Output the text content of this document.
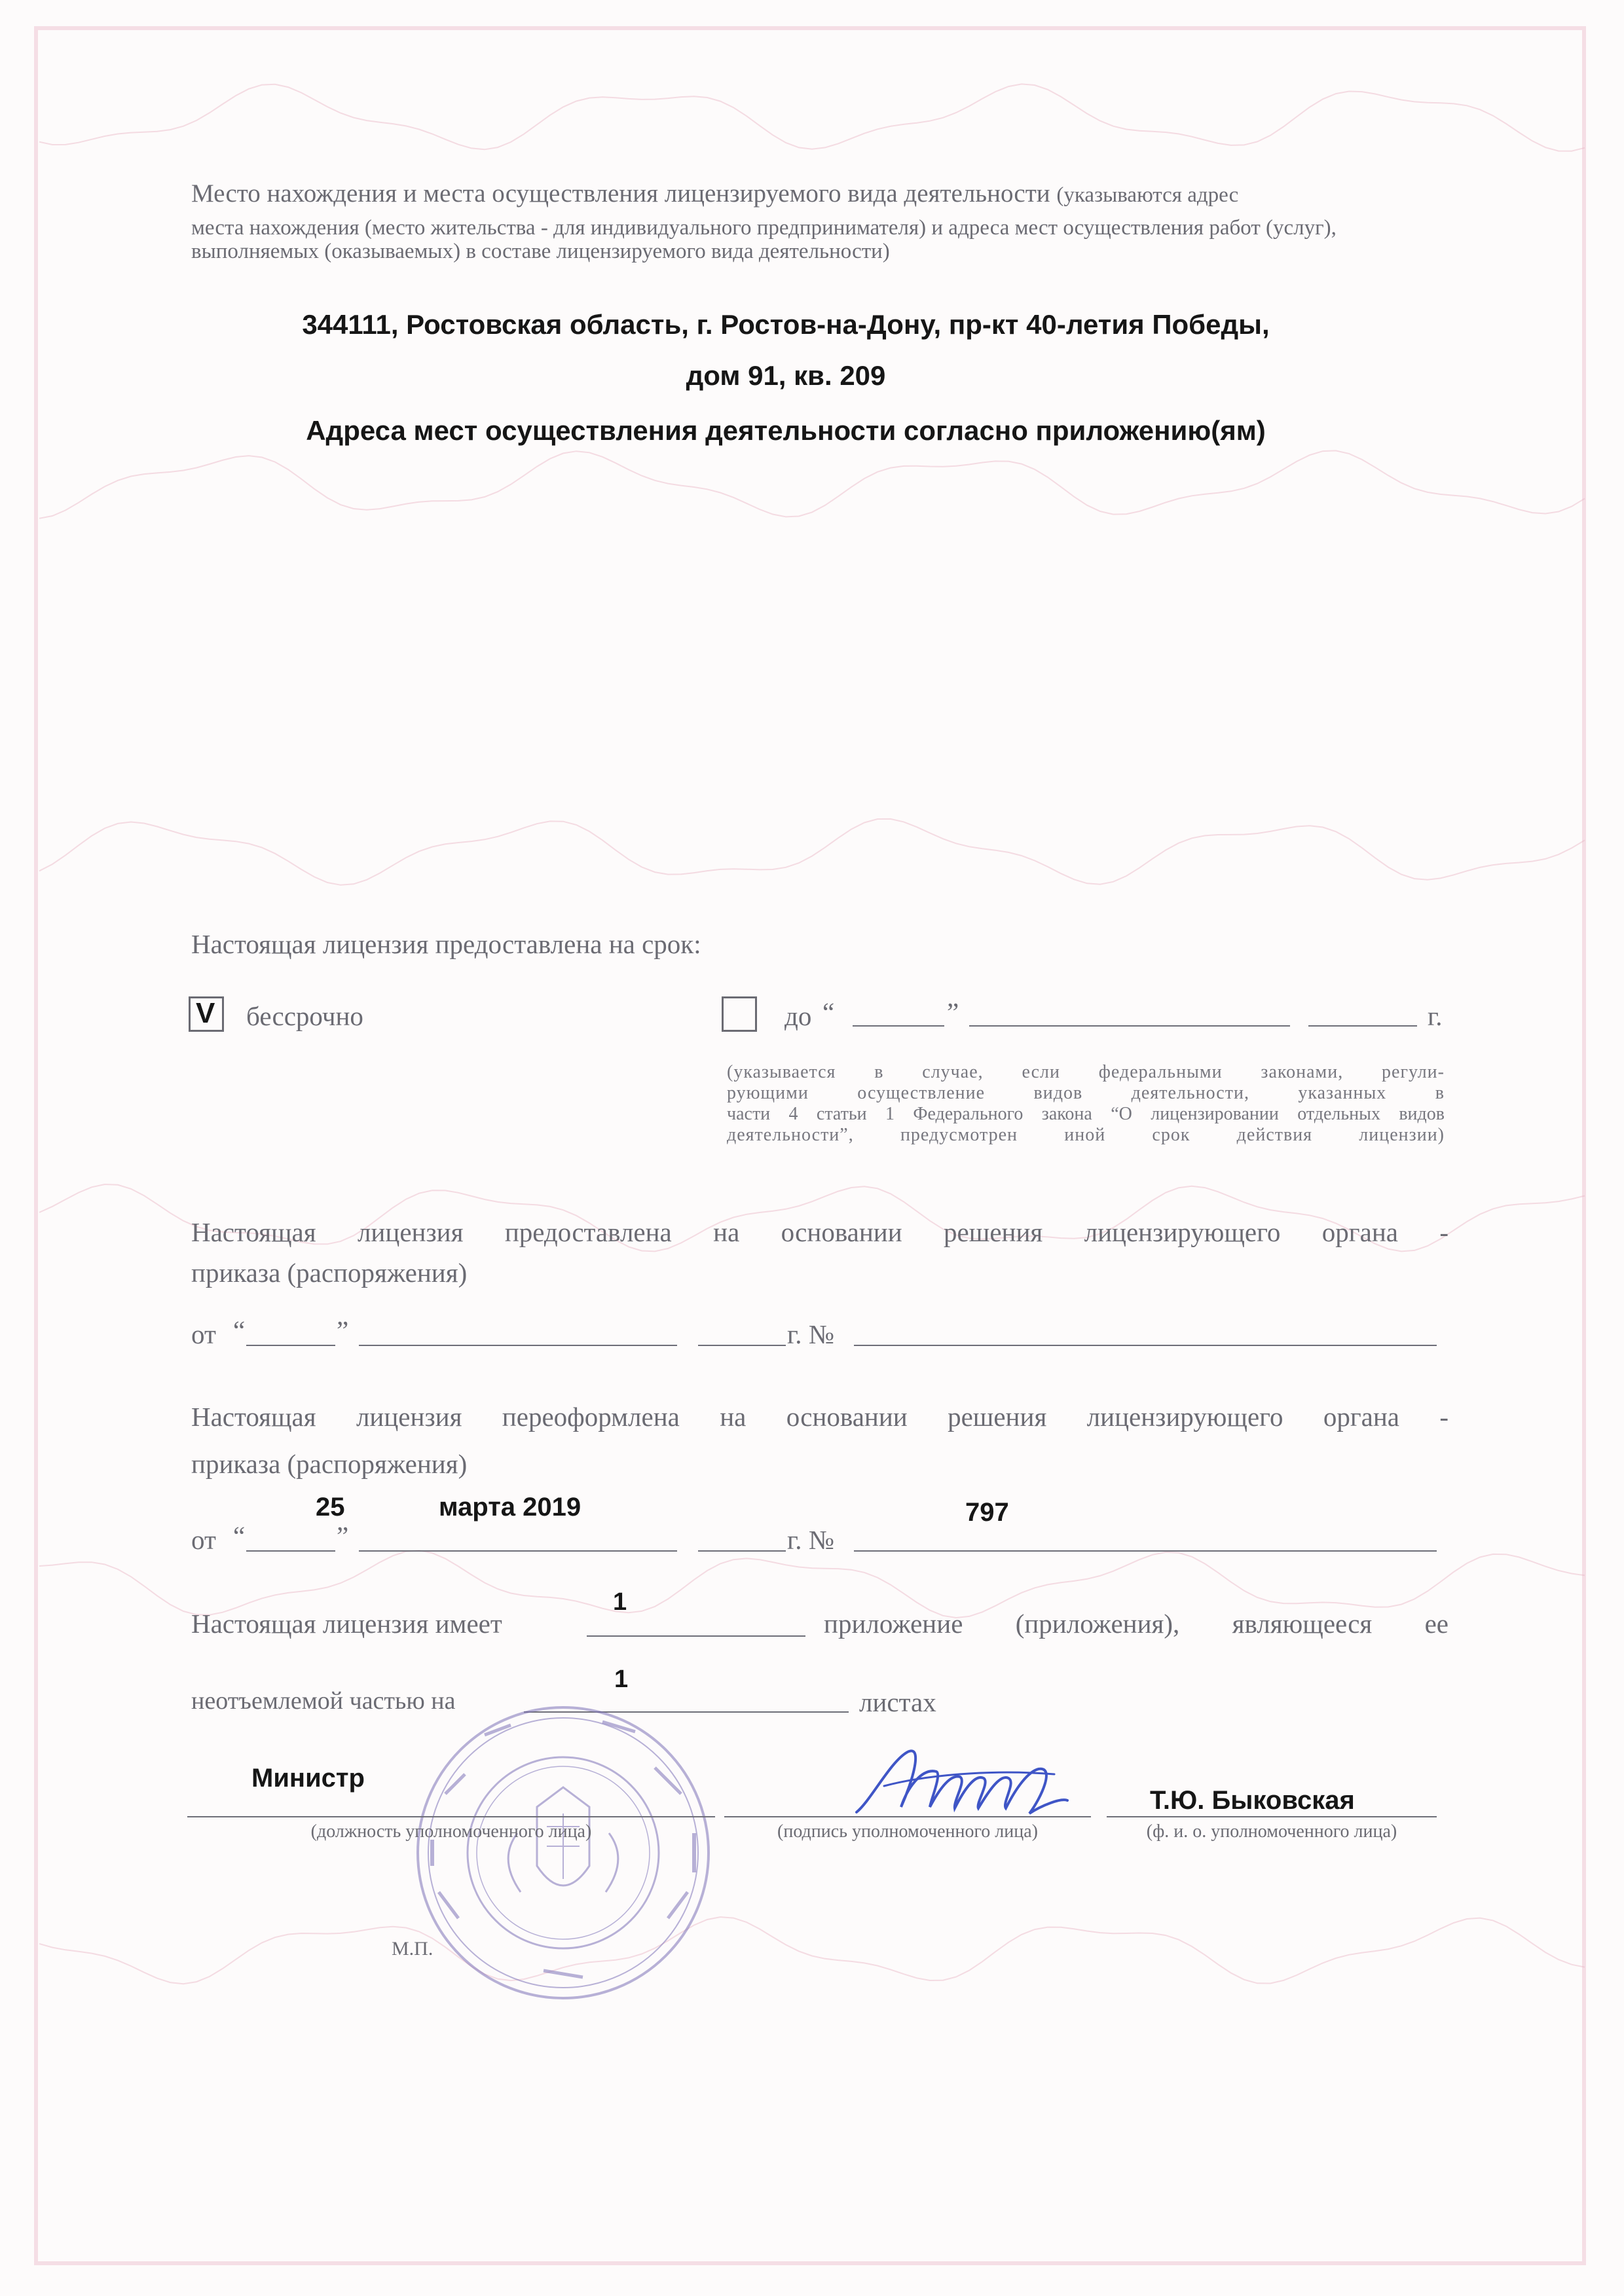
Место нахождения и места осуществления лицензируемого вида деятельности (указываются адрес
места нахождения (место жительства - для индивидуального предпринимателя) и адреса мест осуществления работ (услуг),
выполняемых (оказываемых) в составе лицензируемого вида деятельности)
344111, Ростовская область, г. Ростов-на-Дону, пр-кт 40-летия Победы,
дом 91, кв. 209
Адреса мест осуществления деятельности согласно приложению(ям)
Настоящая лицензия предоставлена на срок:
V бессрочно	до “	”	г.
(указывается в случае, если федеральными законами, регули-
рующими осуществление видов деятельности, указанных в
части 4 статьи 1 Федерального закона “О лицензировании отдельных видов
деятельности”, предусмотрен иной срок действия лицензии)
Настоящая лицензия предоставлена на основании решения лицензирующего органа -
приказа (распоряжения)
от “	”	г. №
Настоящая лицензия переоформлена на основании решения лицензирующего органа -
приказа (распоряжения)
25	марта 2019	797
от “	”	г. №
Настоящая лицензия имеет
1
приложение (приложения), являющееся ее
неотъемлемой частью на
1
листах
Министр
(должность уполномоченного лица)	(подпись уполномоченного лица)
Т.Ю. Быковская
(ф. и. о. уполномоченного лица)
М.П.
